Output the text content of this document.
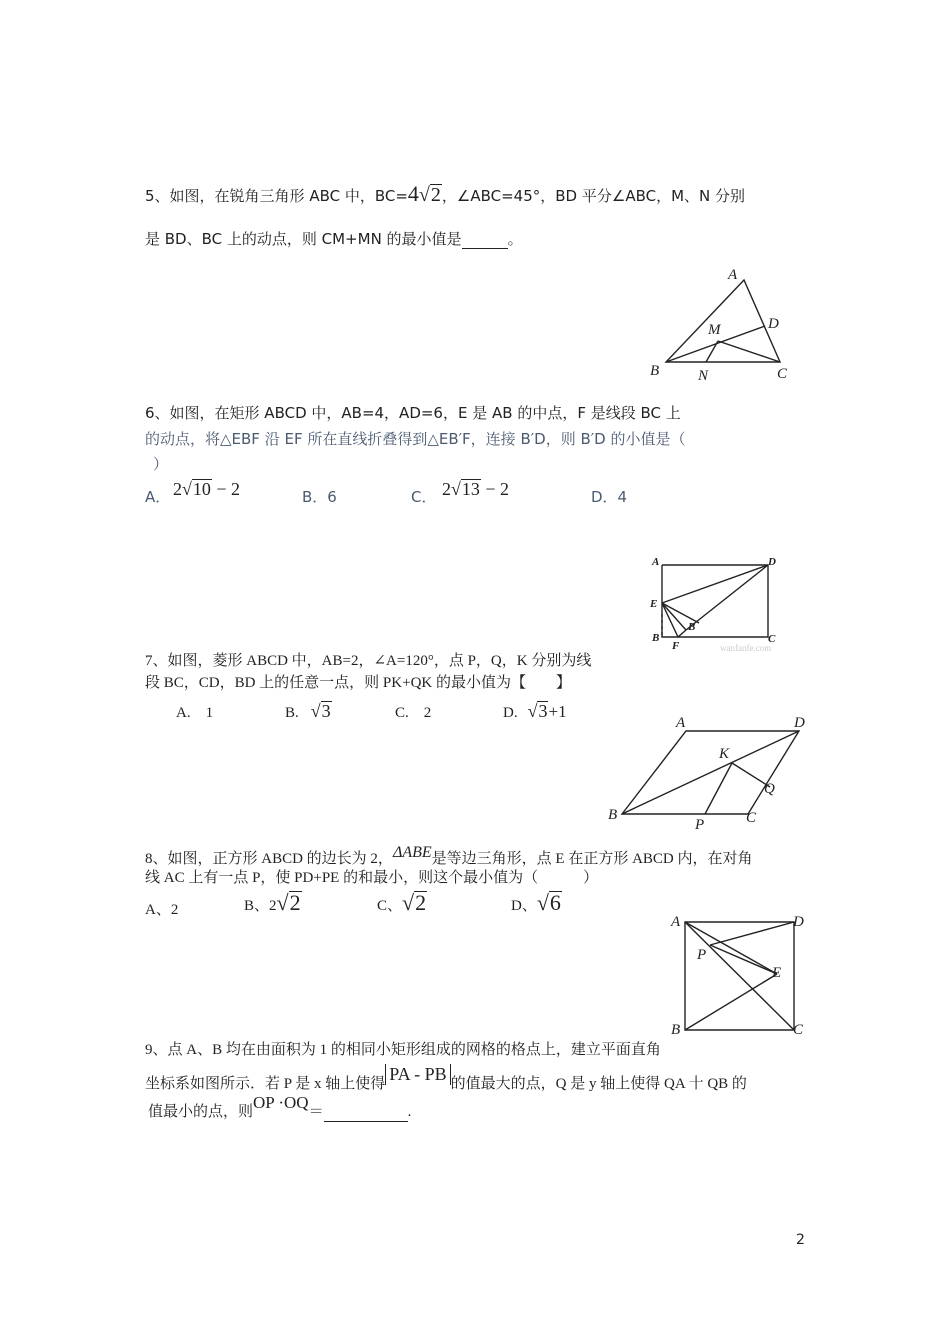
5、如图，在锐角三角形 ABC 中，BC=4√2，∠ABC=45°，BD 平分∠ABC，M、N 分别
是 BD、BC 上的动点，则 CM+MN 的最小值是	。
A
D
M
B	N	C
6、如图，在矩形 ABCD 中，AB=4，AD=6，E 是 AB 的中点，F 是线段 BC 上
的动点，将△EBF 沿 EF 所在直线折叠得到△EB′F，连接 B′D，则 B′D 的小值是（
）
A． 2√10 − 2	B．6	C． 2√13 − 2	D．4
A	D
E
B
B
F
C
wanfanfe.com
7、如图，菱形 ABCD 中，AB=2，∠A=120°，点 P，Q，K 分别为线
段 BC，CD，BD 上的任意一点，则 PK+QK 的最小值为【　　】
A.　1	B. √3	C.　2	D. √3+1
A	D
K
Q
B
P	C
8、如图，正方形 ABCD 的边长为 2，ΔABE是等边三角形，点 E 在正方形 ABCD 内，在对角
线 AC 上有一点 P，使 PD+PE 的和最小，则这个最小值为（　　　）
A、2	B、2√2	C、√2	D、√6
A	D
P
E
B	C
9、点 A、B 均在由面积为 1 的相同小矩形组成的网格的格点上，建立平面直角
坐标系如图所示．若 P 是 x 轴上使得 PA - PB 的值最大的点，Q 是 y 轴上使得 QA 十 QB 的
值最小的点，则OP ·OQ＝	.
2
